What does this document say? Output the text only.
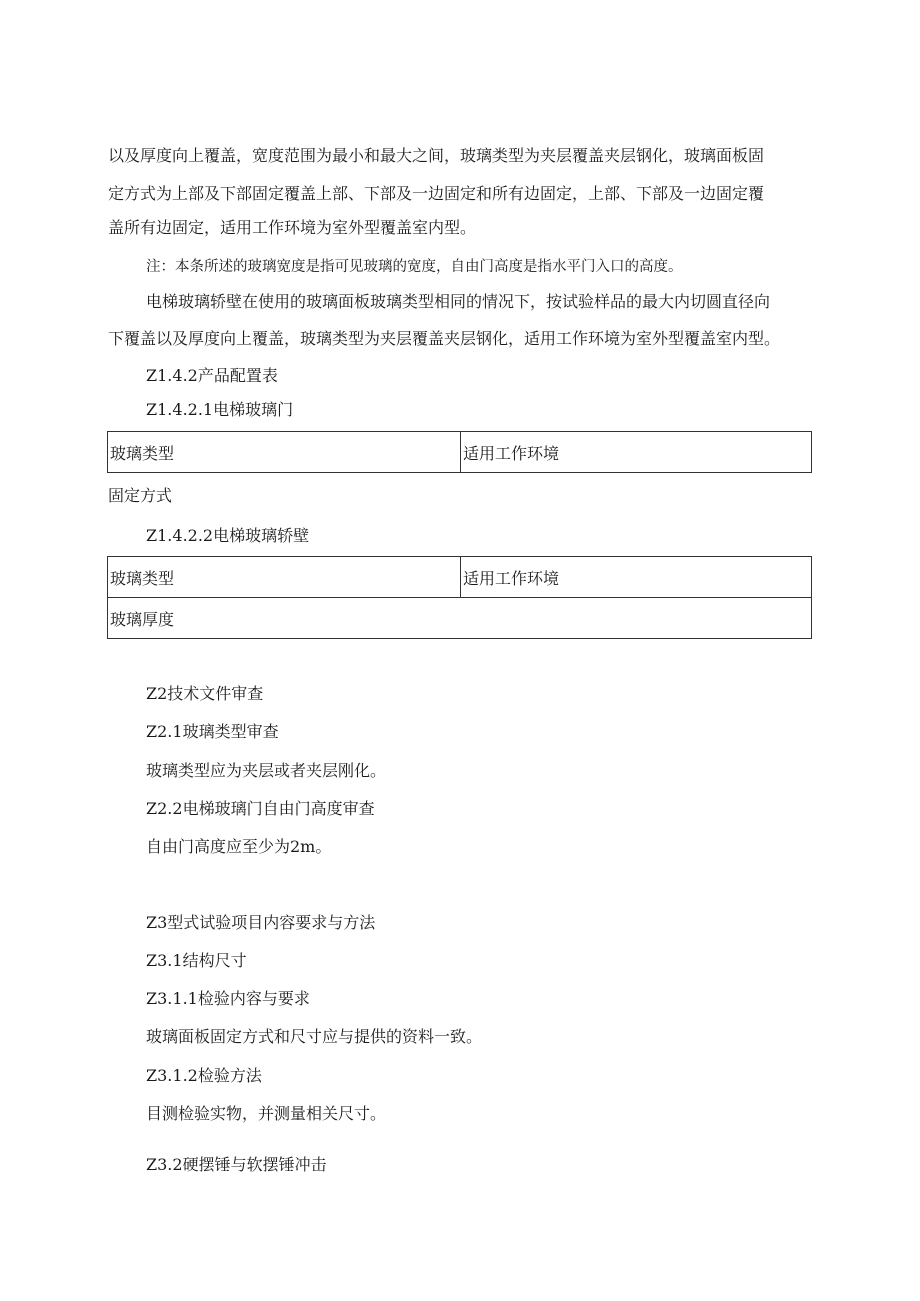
以及厚度向上覆盖，宽度范围为最小和最大之间，玻璃类型为夹层覆盖夹层钢化，玻璃面板固
定方式为上部及下部固定覆盖上部、下部及一边固定和所有边固定，上部、下部及一边固定覆
盖所有边固定，适用工作环境为室外型覆盖室内型。
注：本条所述的玻璃宽度是指可见玻璃的宽度，自由门高度是指水平门入口的高度。
电梯玻璃轿壁在使用的玻璃面板玻璃类型相同的情况下，按试验样品的最大内切圆直径向
下覆盖以及厚度向上覆盖，玻璃类型为夹层覆盖夹层钢化，适用工作环境为室外型覆盖室内型。
Z1.4.2产品配置表
Z1.4.2.1电梯玻璃门
玻璃类型	适用工作环境
固定方式
Z1.4.2.2电梯玻璃轿壁
玻璃类型	适用工作环境
玻璃厚度
Z2技术文件审查
Z2.1玻璃类型审查
玻璃类型应为夹层或者夹层刚化。
Z2.2电梯玻璃门自由门高度审查
自由门高度应至少为2m。
Z3型式试验项目内容要求与方法
Z3.1结构尺寸
Z3.1.1检验内容与要求
玻璃面板固定方式和尺寸应与提供的资料一致。
Z3.1.2检验方法
目测检验实物，并测量相关尺寸。
Z3.2硬摆锤与软摆锤冲击
